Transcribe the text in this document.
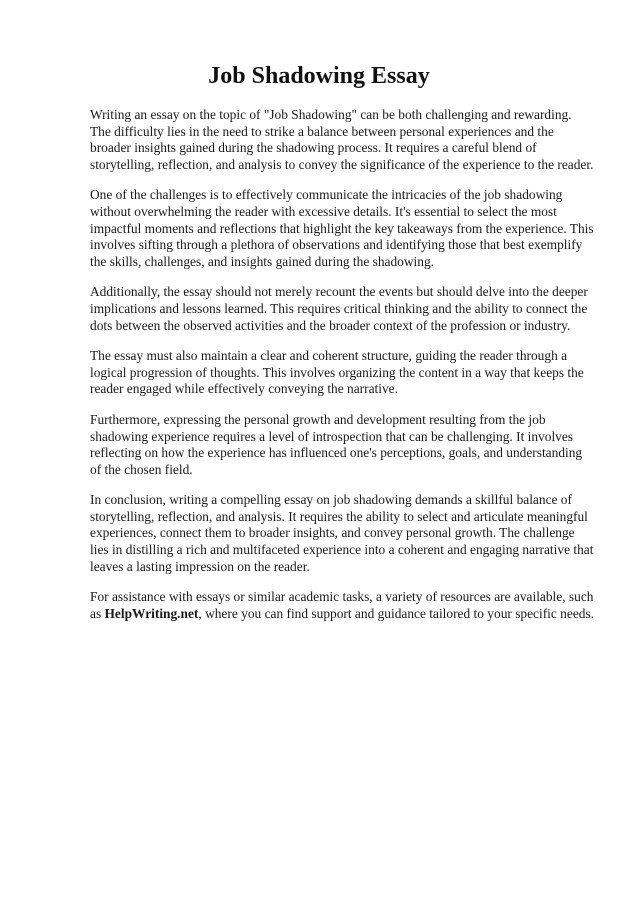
Job Shadowing Essay

Writing an essay on the topic of "Job Shadowing" can be both challenging and rewarding. The difficulty lies in the need to strike a balance between personal experiences and the broader insights gained during the shadowing process. It requires a careful blend of storytelling, reflection, and analysis to convey the significance of the experience to the reader.

One of the challenges is to effectively communicate the intricacies of the job shadowing without overwhelming the reader with excessive details. It's essential to select the most impactful moments and reflections that highlight the key takeaways from the experience. This involves sifting through a plethora of observations and identifying those that best exemplify the skills, challenges, and insights gained during the shadowing.

Additionally, the essay should not merely recount the events but should delve into the deeper implications and lessons learned. This requires critical thinking and the ability to connect the dots between the observed activities and the broader context of the profession or industry.

The essay must also maintain a clear and coherent structure, guiding the reader through a logical progression of thoughts. This involves organizing the content in a way that keeps the reader engaged while effectively conveying the narrative.

Furthermore, expressing the personal growth and development resulting from the job shadowing experience requires a level of introspection that can be challenging. It involves reflecting on how the experience has influenced one's perceptions, goals, and understanding of the chosen field.

In conclusion, writing a compelling essay on job shadowing demands a skillful balance of storytelling, reflection, and analysis. It requires the ability to select and articulate meaningful experiences, connect them to broader insights, and convey personal growth. The challenge lies in distilling a rich and multifaceted experience into a coherent and engaging narrative that leaves a lasting impression on the reader.

For assistance with essays or similar academic tasks, a variety of resources are available, such as HelpWriting.net, where you can find support and guidance tailored to your specific needs.
